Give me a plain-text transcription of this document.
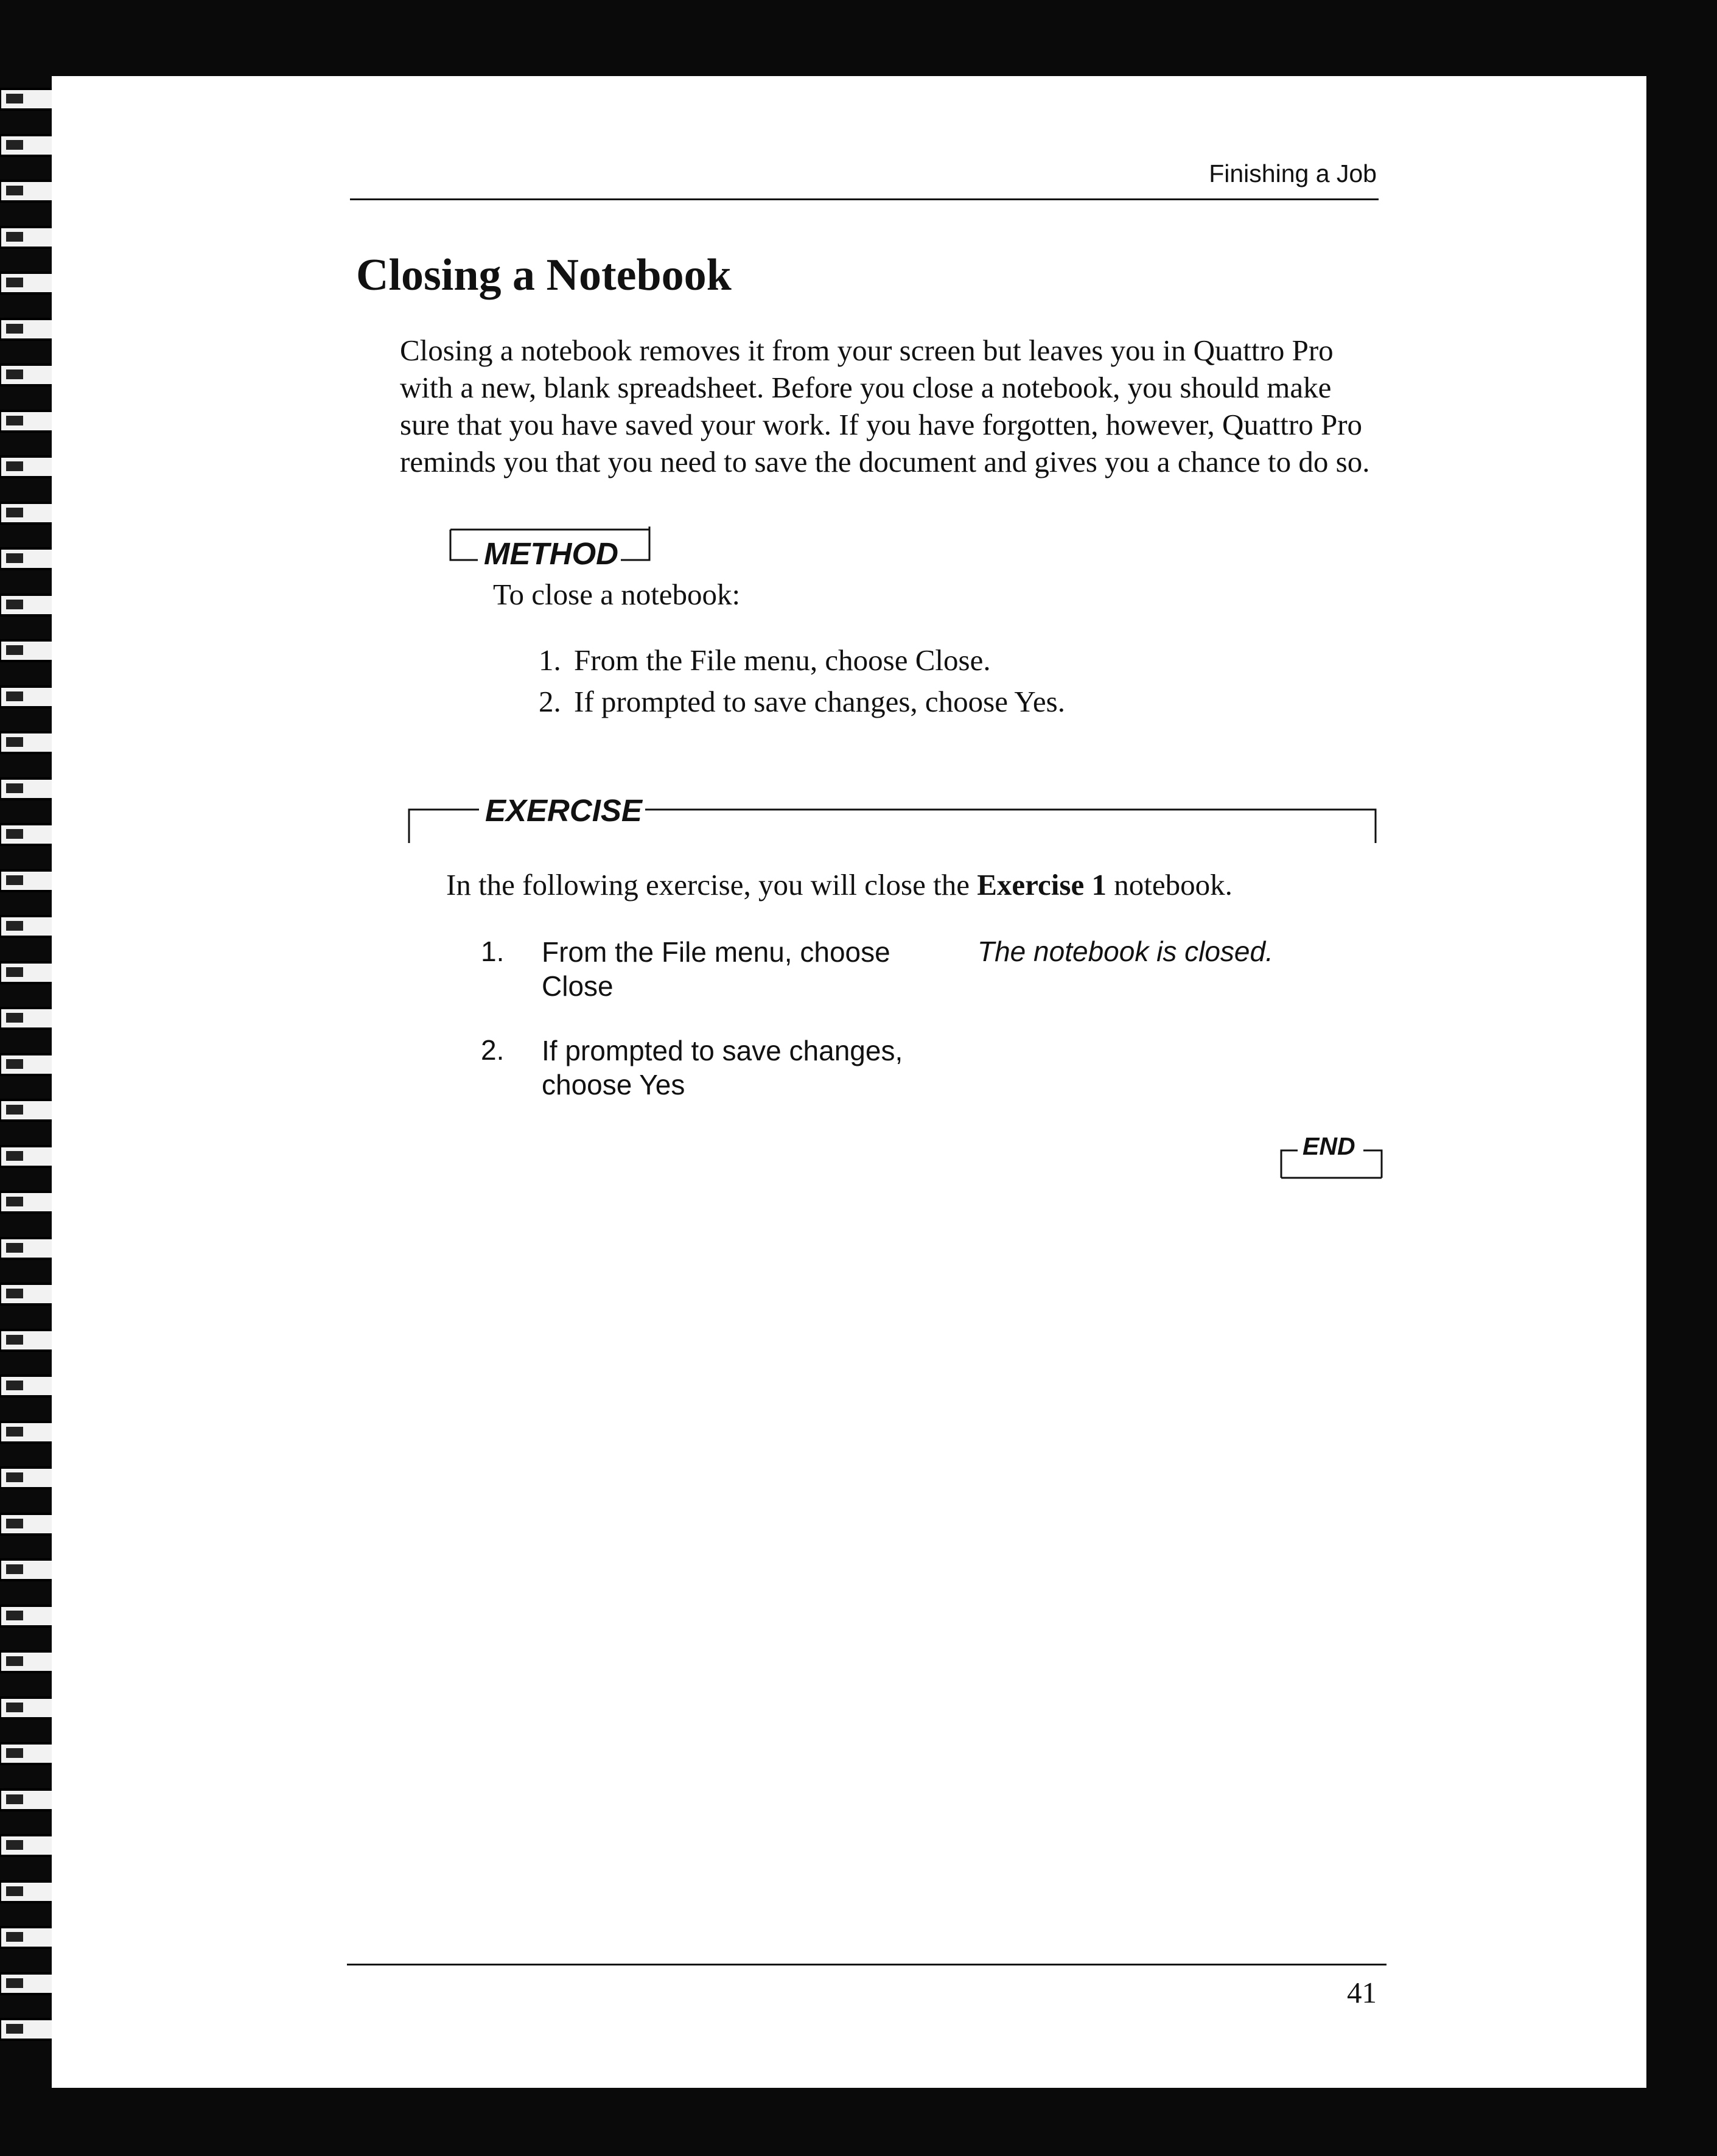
Finishing a Job
Closing a Notebook

Closing a notebook removes it from your screen but leaves you in Quattro Pro with a new, blank spreadsheet. Before you close a notebook, you should make sure that you have saved your work. If you have forgotten, however, Quattro Pro reminds you that you need to save the document and gives you a chance to do so.

METHOD
To close a notebook:
1. From the File menu, choose Close.
2. If prompted to save changes, choose Yes.
EXERCISE
In the following exercise, you will close the Exercise 1 notebook.
1. From the File menu, choose Close
The notebook is closed.
2. If prompted to save changes, choose Yes
END
41
